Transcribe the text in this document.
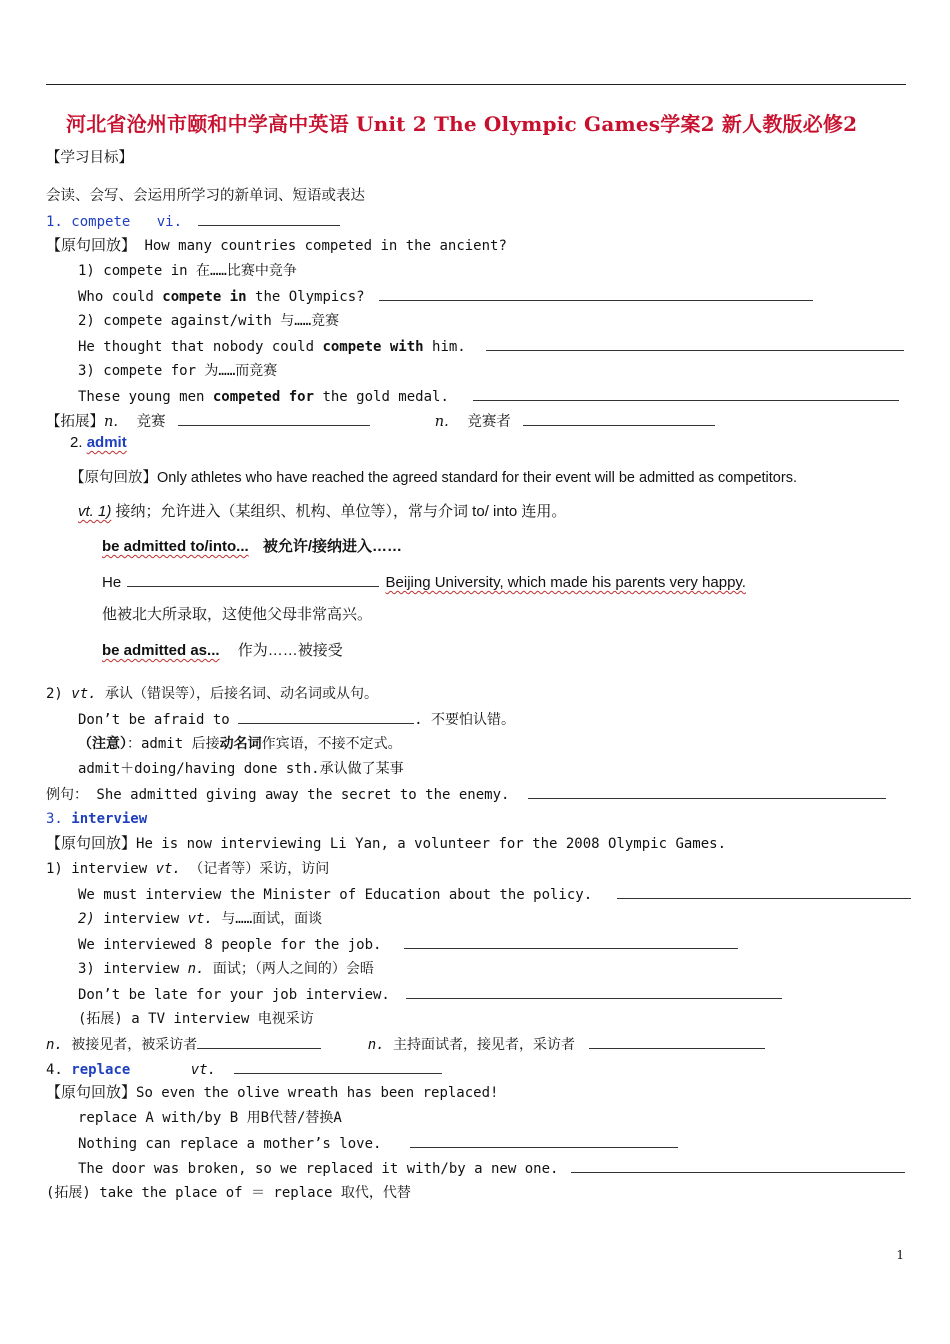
河北省沧州市颐和中学高中英语 Unit 2 The Olympic Games学案2 新人教版必修2
【学习目标】
会读、会写、会运用所学习的新单词、短语或表达
1. compete vi.
【原句回放】 How many countries competed in the ancient?
1) compete in 在……比赛中竞争
Who could compete in the Olympics?
2) compete against/with 与……竞赛
He thought that nobody could compete with him.
3) compete for 为……而竞赛
These young men competed for the gold medal.
【拓展】n. 竞赛	n. 竞赛者
2. admit
【原句回放】Only athletes who have reached the agreed standard for their event will be admitted as competitors.
vt. 1) 接纳；允许进入（某组织、机构、单位等），常与介词 to/ into 连用。
be admitted to/into... 被允许/接纳进入……
He	Beijing University, which made his parents very happy.
他被北大所录取，这使他父母非常高兴。
be admitted as... 作为……被接受
2) vt. 承认（错误等），后接名词、动名词或从句。
Don’t be afraid to	. 不要怕认错。
（注意）：admit 后接动名词作宾语，不接不定式。
admit＋doing/having done sth.承认做了某事
例句： She admitted giving away the secret to the enemy.
3. interview
【原句回放】He is now interviewing Li Yan, a volunteer for the 2008 Olympic Games.
1) interview vt. （记者等）采访，访问
We must interview the Minister of Education about the policy.
2) interview vt. 与……面试，面谈
We interviewed 8 people for the job.
3) interview n. 面试；（两人之间的）会晤
Don’t be late for your job interview.
(拓展) a TV interview 电视采访
n. 被接见者，被采访者	n. 主持面试者，接见者，采访者
4. replace	vt.
【原句回放】So even the olive wreath has been replaced!
replace A with/by B 用B代替/替换A
Nothing can replace a mother’s love.
The door was broken, so we replaced it with/by a new one.
(拓展) take the place of ＝ replace 取代，代替
1
